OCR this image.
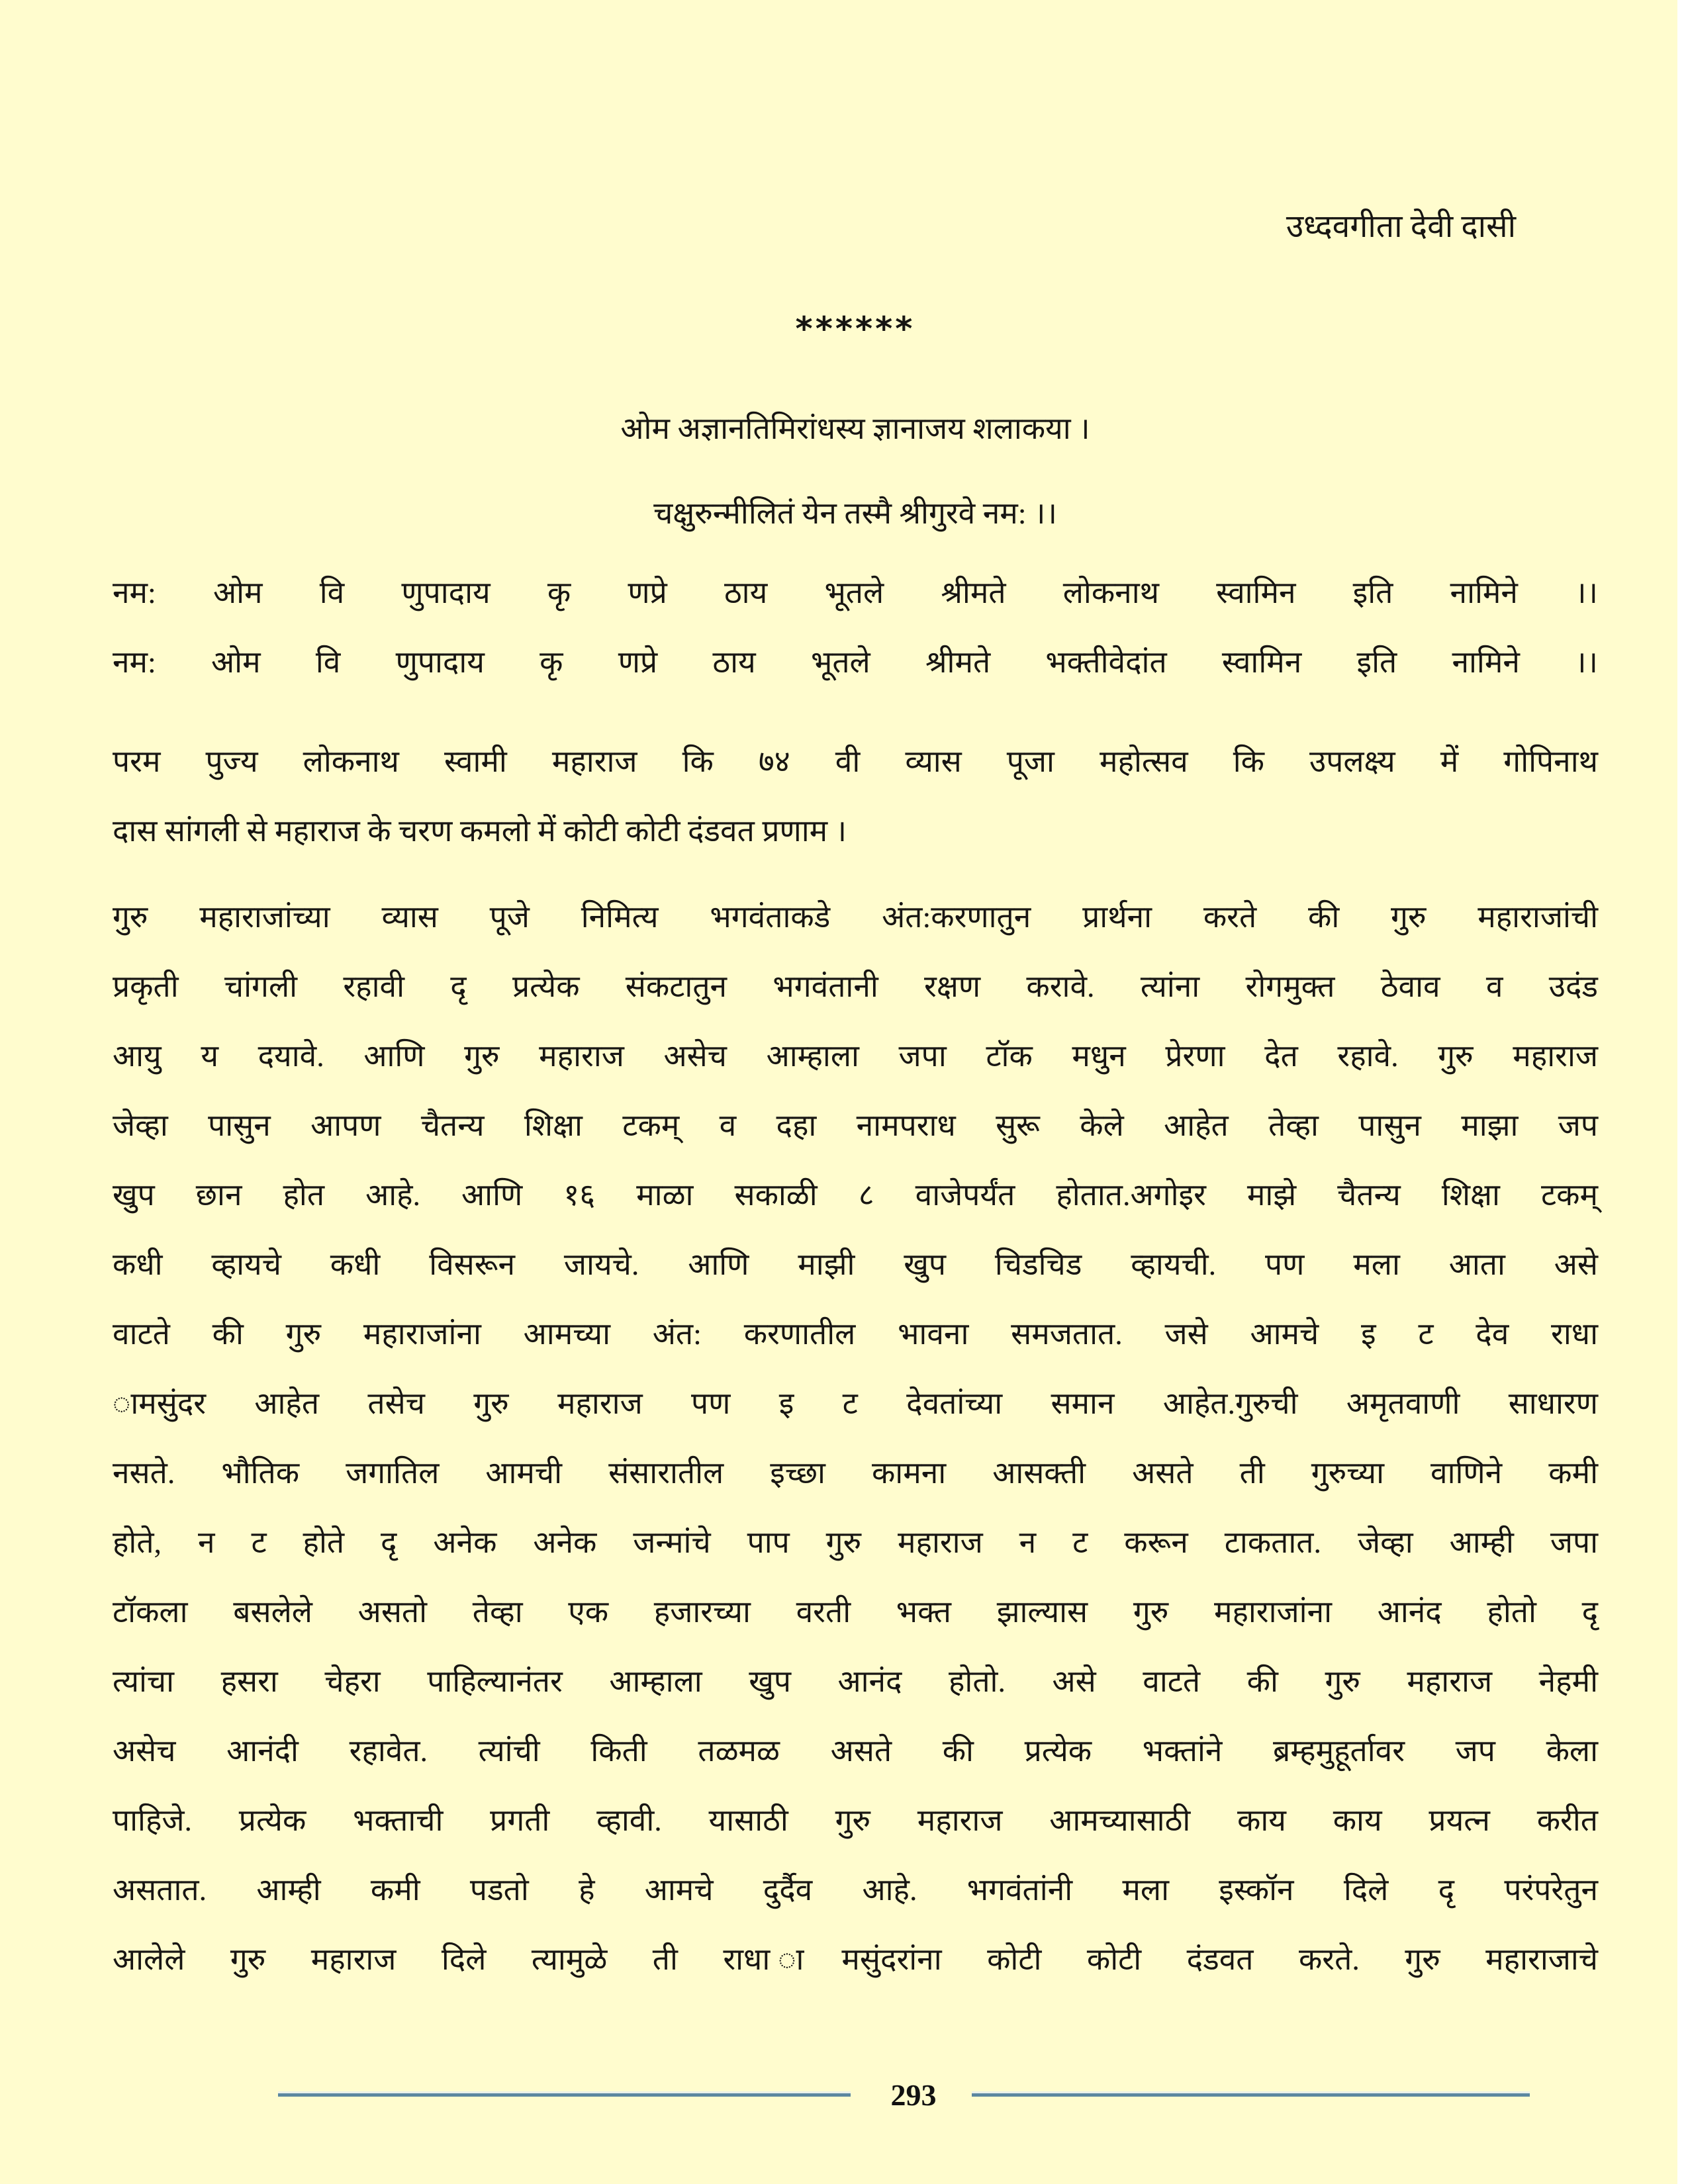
उध्दवगीता देवी दासी
******
ओम अज्ञानतिमिरांधस्य ज्ञानाजय शलाकया ।
चक्षुरुन्मीलितं येन तस्मै श्रीगुरवे नम: ।।
नम: ओम वि णुपादाय कृ णप्रे ठाय भूतले श्रीमते लोकनाथ स्वामिन इति नामिने ।।
नम: ओम वि णुपादाय कृ णप्रे ठाय भूतले श्रीमते भक्तीवेदांत स्वामिन इति नामिने ।।
परम पुज्य लोकनाथ स्वामी महाराज कि ७४ वी व्यास पूजा महोत्सव कि उपलक्ष्य में गोपिनाथ
दास सांगली से महाराज के चरण कमलो में कोटी कोटी दंडवत प्रणाम ।
गुरु महाराजांच्या व्यास पूजे निमित्य भगवंताकडे अंत:करणातुन प्रार्थना करते की गुरु महाराजांची
प्रकृती चांगली रहावी दृ प्रत्येक संकटातुन भगवंतानी रक्षण करावे. त्यांना रोगमुक्त ठेवाव व उदंड
आयु य दयावे. आणि गुरु महाराज असेच आम्हाला जपा टॉक मधुन प्रेरणा देत रहावे. गुरु महाराज
जेव्हा पासुन आपण चैतन्य शिक्षा टकम् व दहा नामपराध सुरू केले आहेत तेव्हा पासुन माझा जप
खुप छान होत आहे. आणि १६ माळा सकाळी ८ वाजेपर्यंत होतात.अगोइर माझे चैतन्य शिक्षा टकम्
कधी व्हायचे कधी विसरून जायचे. आणि माझी खुप चिडचिड व्हायची. पण मला आता असे
वाटते की गुरु महाराजांना आमच्या अंत: करणातील भावना समजतात. जसे आमचे इ ट देव राधा
ामसुंदर आहेत तसेच गुरु महाराज पण इ ट देवतांच्या समान आहेत.गुरुची अमृतवाणी साधारण
नसते. भौतिक जगातिल आमची संसारातील इच्छा कामना आसक्ती असते ती गुरुच्या वाणिने कमी
होते, न ट होते दृ अनेक अनेक जन्मांचे पाप गुरु महाराज न ट करून टाकतात. जेव्हा आम्ही जपा
टॉकला बसलेले असतो तेव्हा एक हजारच्या वरती भक्त झाल्यास गुरु महाराजांना आनंद होतो दृ
त्यांचा हसरा चेहरा पाहिल्यानंतर आम्हाला खुप आनंद होतो. असे वाटते की गुरु महाराज नेहमी
असेच आनंदी रहावेत. त्यांची किती तळमळ असते की प्रत्येक भक्तांने ब्रम्हमुहूर्तावर जप केला
पाहिजे. प्रत्येक भक्ताची प्रगती व्हावी. यासाठी गुरु महाराज आमच्यासाठी काय काय प्रयत्न करीत
असतात. आम्ही कमी पडतो हे आमचे दुर्दैव आहे. भगवंतांनी मला इस्कॉन दिले दृ परंपरेतुन
आलेले गुरु महाराज दिले त्यामुळे ती राधा ामसुंदरांना कोटी कोटी दंडवत करते. गुरु महाराजाचे
293
